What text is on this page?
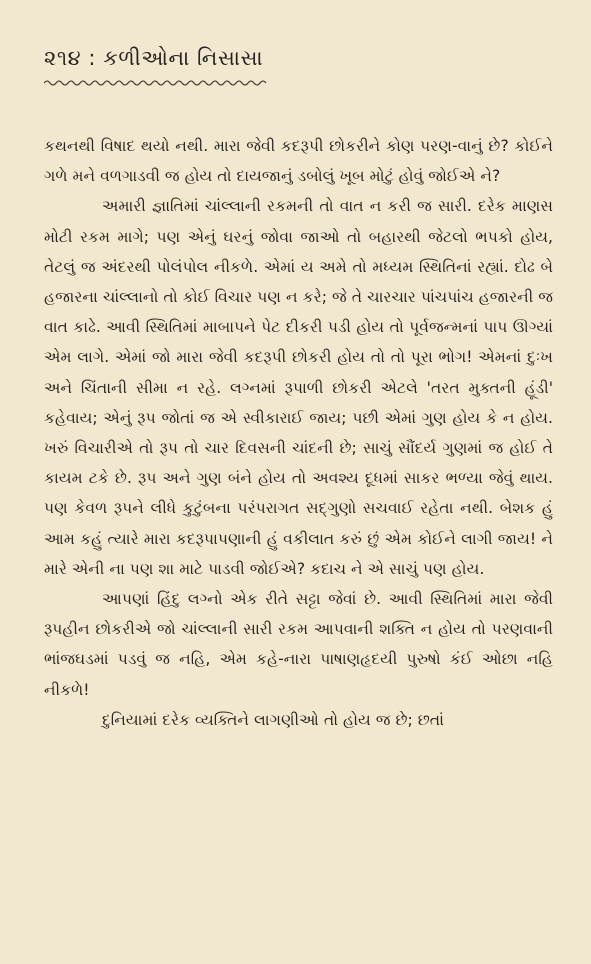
૨૧૪ : કળીઓના નિસાસા

કથનથી વિષાદ થયો નથી. મારા જેવી કદરૂપી છોકરીને કોણ પરણ-વાનું છે? કોઈને ગળે મને વળગાડવી જ હોય તો દાયજાનું ડબોલું ખૂબ મોટું હોવું જોઈએ ને?

અમારી જ્ઞાતિમાં ચાંલ્લાની રકમની તો વાત ન કરી જ સારી. દરેક માણસ મોટી રકમ માગે; પણ એનું ઘરનું જોવા જાઓ તો બહારથી જેટલો ભપકો હોય, તેટલું જ અંદરથી પોલંપોલ નીકળે. એમાં ય અમે તો મધ્યમ સ્થિતિનાં રહ્યાં. દોઢ બે હજારના ચાંલ્લાનો તો કોઈ વિચાર પણ ન કરે; જે તે ચારચાર પાંચપાંચ હજારની જ વાત કાઢે. આવી સ્થિતિમાં માબાપને પેટ દીકરી પડી હોય તો પૂર્વજન્મનાં પાપ ઊગ્યાં એમ લાગે. એમાં જો મારા જેવી કદરૂપી છોકરી હોય તો તો પૂરા ભોગ! એમનાં દુઃખ અને ચિંતાની સીમા ન રહે. લગ્નમાં રૂપાળી છોકરી એટલે 'તરત મુક્તની હૂંડી' કહેવાય; એનું રૂપ જોતાં જ એ સ્વીકારાઈ જાય; પછી એમાં ગુણ હોય કે ન હોય. ખરું વિચારીએ તો રૂપ તો ચાર દિવસની ચાંદની છે; સાચું સૌંદર્ય ગુણમાં જ હોઈ તે કાયમ ટકે છે. રૂપ અને ગુણ બંને હોય તો અવશ્ય દૂધમાં સાકર ભળ્યા જેવું થાય. પણ કેવળ રૂપને લીધે કુટુંબના પરંપરાગત સદ્ગુણો સચવાઈ રહેતા નથી. બેશક હું આમ કહું ત્યારે મારા કદરૂપાપણાની હું વકીલાત કરું છું એમ કોઈને લાગી જાય! ને મારે એની ના પણ શા માટે પાડવી જોઈએ? કદાચ ને એ સાચું પણ હોય.

આપણાં હિંદુ લગ્નો એક રીતે સટ્ટા જેવાં છે. આવી સ્થિતિમાં મારા જેવી રૂપહીન છોકરીએ જો ચાંલ્લાની સારી રકમ આપવાની શક્તિ ન હોય તો પરણવાની ભાંજઘડમાં પડવું જ નહિ, એમ કહે-નારા પાષાણહૃદયી પુરુષો કંઈ ઓછા નહિ નીકળે!

દુનિયામાં દરેક વ્યક્તિને લાગણીઓ તો હોય જ છે; છતાં
